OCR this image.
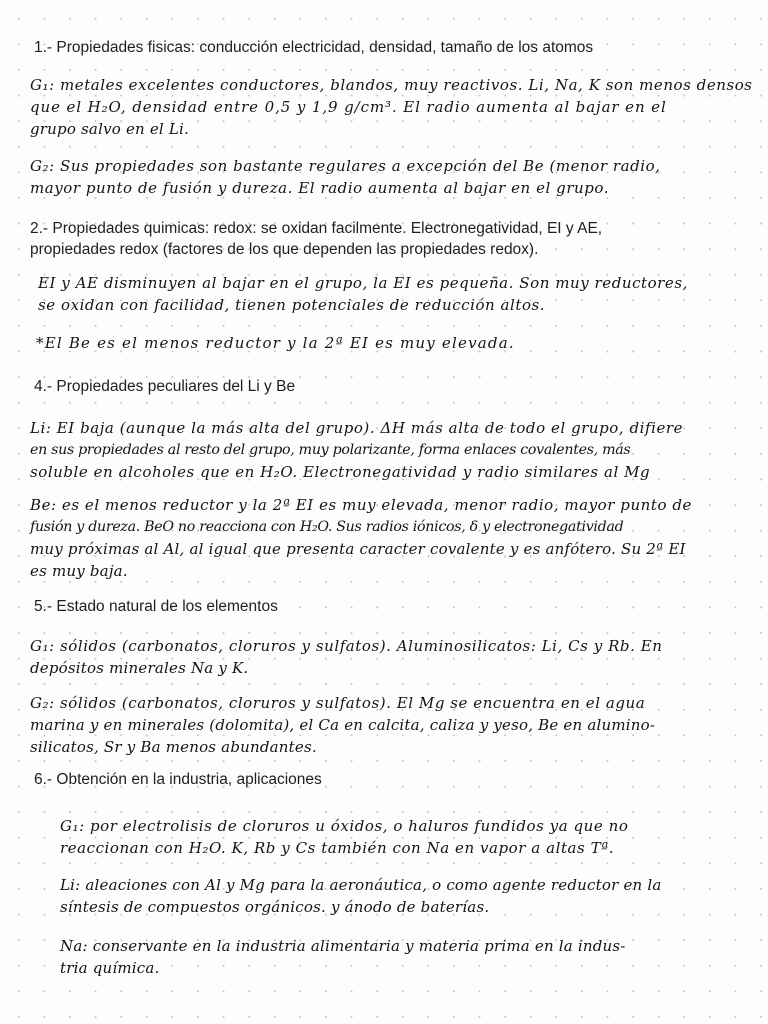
1.- Propiedades fisicas: conducción electricidad, densidad, tamaño de los atomos
G₁: metales excelentes conductores, blandos, muy reactivos. Li, Na, K son menos densos
que el H₂O, densidad entre 0,5 y 1,9 g/cm³. El radio aumenta al bajar en el
grupo salvo en el Li.
G₂: Sus propiedades son bastante regulares a excepción del Be (menor radio,
mayor punto de fusión y dureza. El radio aumenta al bajar en el grupo.
2.- Propiedades quimicas: redox: se oxidan facilmente. Electronegatividad, EI y AE,
propiedades redox (factores de los que dependen las propiedades redox).
EI y AE disminuyen al bajar en el grupo, la EI es pequeña. Son muy reductores,
se oxidan con facilidad, tienen potenciales de reducción altos.
*El Be es el menos reductor y la 2ª EI es muy elevada.
4.- Propiedades peculiares del Li y Be
Li: EI baja (aunque la más alta del grupo). ΔH más alta de todo el grupo, difiere
en sus propiedades al resto del grupo, muy polarizante, forma enlaces covalentes, más
soluble en alcoholes que en H₂O. Electronegatividad y radio similares al Mg
Be: es el menos reductor y la 2ª EI es muy elevada, menor radio, mayor punto de
fusión y dureza. BeO no reacciona con H₂O. Sus radios iónicos, δ y electronegatividad
muy próximas al Al, al igual que presenta caracter covalente y es anfótero. Su 2ª EI
es muy baja.
5.- Estado natural de los elementos
G₁: sólidos (carbonatos, cloruros y sulfatos). Aluminosilicatos: Li, Cs y Rb. En
depósitos minerales Na y K.
G₂: sólidos (carbonatos, cloruros y sulfatos). El Mg se encuentra en el agua
marina y en minerales (dolomita), el Ca en calcita, caliza y yeso, Be en alumino-
silicatos, Sr y Ba menos abundantes.
6.- Obtención en la industria, aplicaciones
G₁: por electrolisis de cloruros u óxidos, o haluros fundidos ya que no
reaccionan con H₂O. K, Rb y Cs también con Na en vapor a altas Tª.
Li: aleaciones con Al y Mg para la aeronáutica, o como agente reductor en la
síntesis de compuestos orgánicos. y ánodo de baterías.
Na: conservante en la industria alimentaria y materia prima en la indus-
tria química.
